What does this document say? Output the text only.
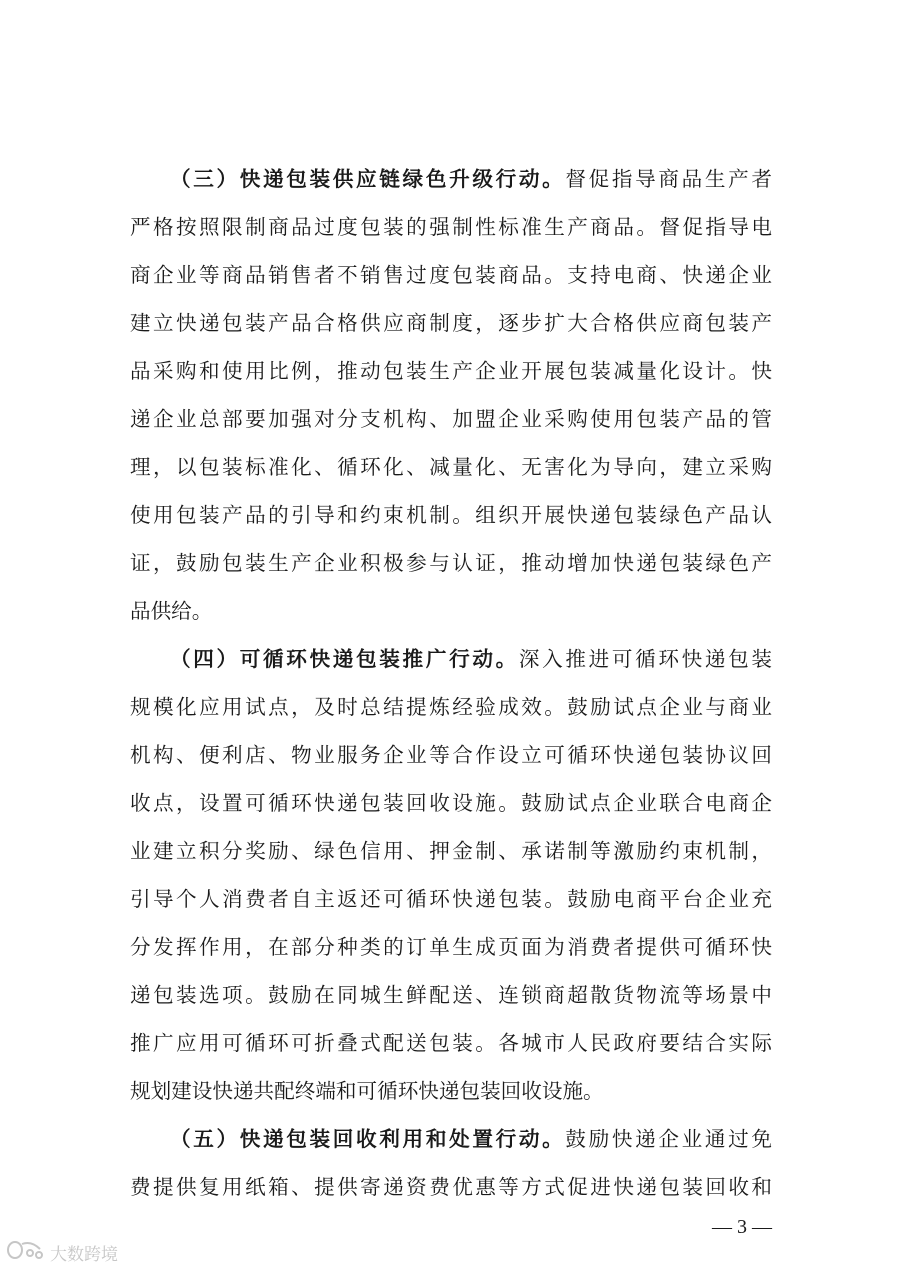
（三）快递包装供应链绿色升级行动。督促指导商品生产者
严格按照限制商品过度包装的强制性标准生产商品。督促指导电
商企业等商品销售者不销售过度包装商品。支持电商、快递企业
建立快递包装产品合格供应商制度，逐步扩大合格供应商包装产
品采购和使用比例，推动包装生产企业开展包装减量化设计。快
递企业总部要加强对分支机构、加盟企业采购使用包装产品的管
理，以包装标准化、循环化、减量化、无害化为导向，建立采购
使用包装产品的引导和约束机制。组织开展快递包装绿色产品认
证，鼓励包装生产企业积极参与认证，推动增加快递包装绿色产
品供给。
（四）可循环快递包装推广行动。深入推进可循环快递包装
规模化应用试点，及时总结提炼经验成效。鼓励试点企业与商业
机构、便利店、物业服务企业等合作设立可循环快递包装协议回
收点，设置可循环快递包装回收设施。鼓励试点企业联合电商企
业建立积分奖励、绿色信用、押金制、承诺制等激励约束机制，
引导个人消费者自主返还可循环快递包装。鼓励电商平台企业充
分发挥作用，在部分种类的订单生成页面为消费者提供可循环快
递包装选项。鼓励在同城生鲜配送、连锁商超散货物流等场景中
推广应用可循环可折叠式配送包装。各城市人民政府要结合实际
规划建设快递共配终端和可循环快递包装回收设施。
（五）快递包装回收利用和处置行动。鼓励快递企业通过免
费提供复用纸箱、提供寄递资费优惠等方式促进快递包装回收和
— 3 —
大数跨境
